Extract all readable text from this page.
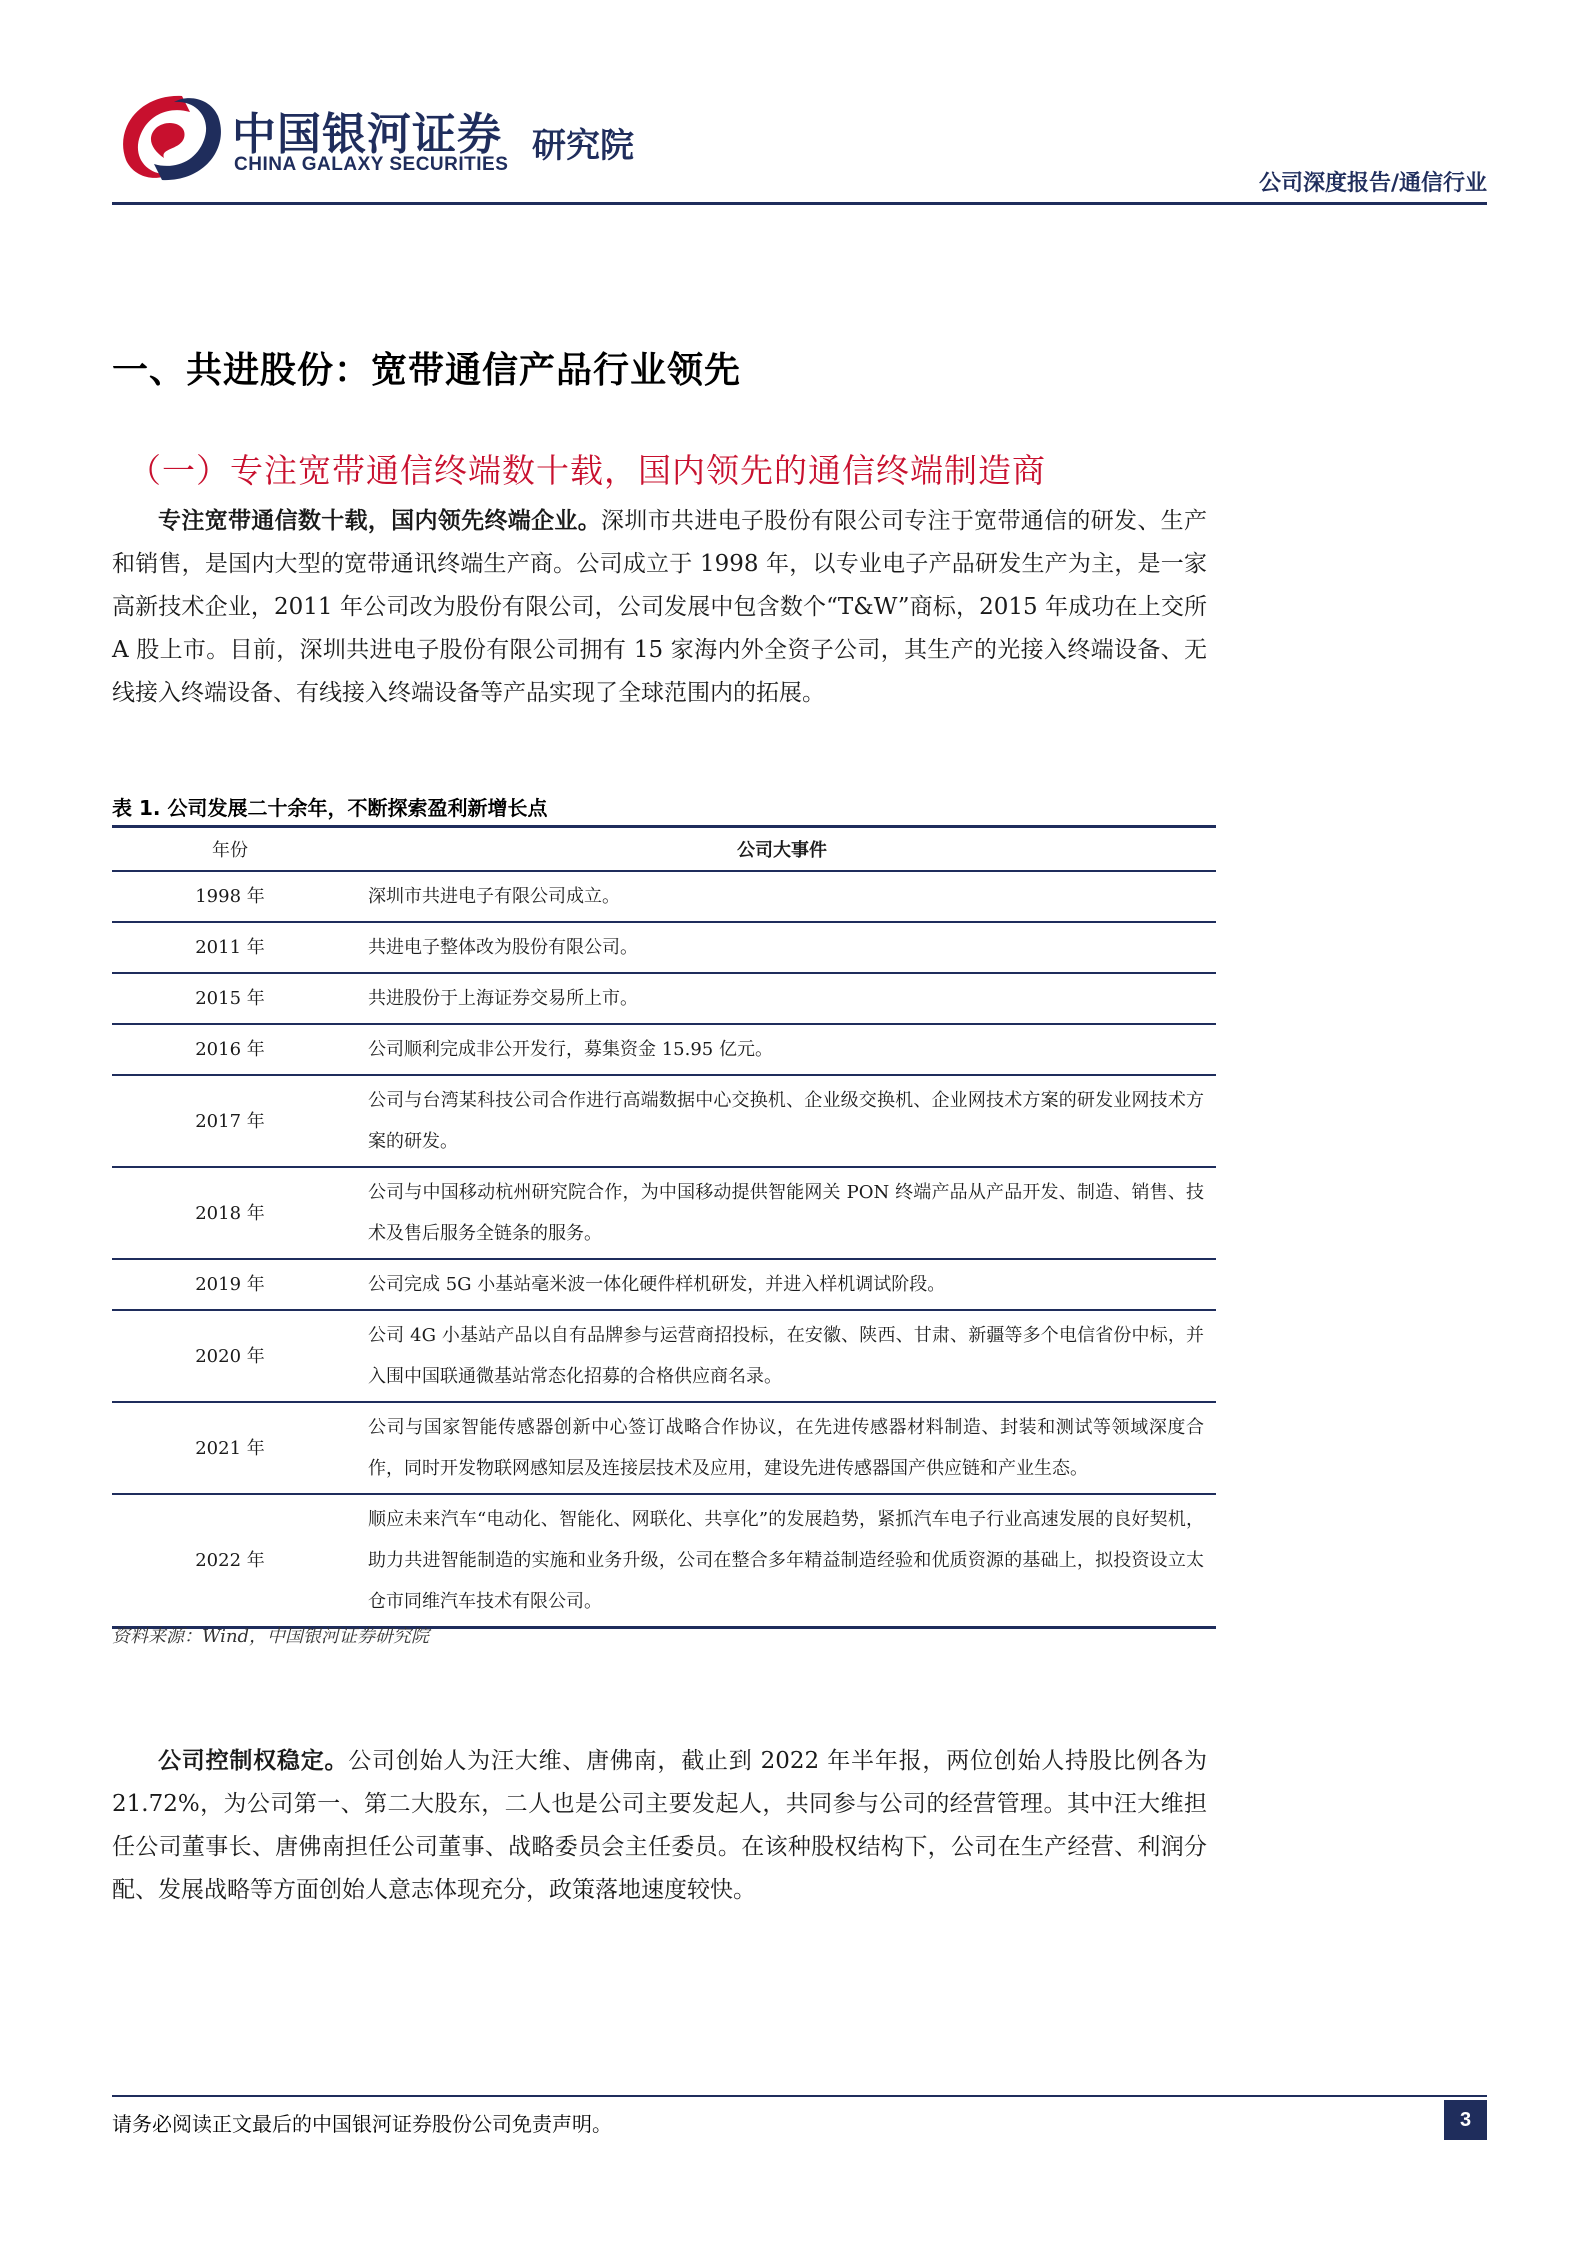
中国银河证券
CHINA GALAXY SECURITIES 研究院
公司深度报告/通信行业
一、共进股份：宽带通信产品行业领先
（一）专注宽带通信终端数十载，国内领先的通信终端制造商
专注宽带通信数十载，国内领先终端企业。深圳市共进电子股份有限公司专注于宽带通信的研发、生产和销售，是国内大型的宽带通讯终端生产商。公司成立于 1998 年，以专业电子产品研发生产为主，是一家高新技术企业，2011 年公司改为股份有限公司，公司发展中包含数个“T&W”商标，2015 年成功在上交所 A 股上市。目前，深圳共进电子股份有限公司拥有 15 家海内外全资子公司，其生产的光接入终端设备、无线接入终端设备、有线接入终端设备等产品实现了全球范围内的拓展。
表 1. 公司发展二十余年，不断探索盈利新增长点
年份	公司大事件
1998 年	深圳市共进电子有限公司成立。
2011 年	共进电子整体改为股份有限公司。
2015 年	共进股份于上海证券交易所上市。
2016 年	公司顺利完成非公开发行，募集资金 15.95 亿元。
2017 年	公司与台湾某科技公司合作进行高端数据中心交换机、企业级交换机、企业网技术方案的研发业网技术方案的研发。
2018 年	公司与中国移动杭州研究院合作，为中国移动提供智能网关 PON 终端产品从产品开发、制造、销售、技术及售后服务全链条的服务。
2019 年	公司完成 5G 小基站毫米波一体化硬件样机研发，并进入样机调试阶段。
2020 年	公司 4G 小基站产品以自有品牌参与运营商招投标，在安徽、陕西、甘肃、新疆等多个电信省份中标，并入围中国联通微基站常态化招募的合格供应商名录。
2021 年	公司与国家智能传感器创新中心签订战略合作协议，在先进传感器材料制造、封装和测试等领域深度合作，同时开发物联网感知层及连接层技术及应用，建设先进传感器国产供应链和产业生态。
2022 年	顺应未来汽车“电动化、智能化、网联化、共享化”的发展趋势，紧抓汽车电子行业高速发展的良好契机，助力共进智能制造的实施和业务升级，公司在整合多年精益制造经验和优质资源的基础上，拟投资设立太仓市同维汽车技术有限公司。
资料来源：Wind，中国银河证券研究院
公司控制权稳定。公司创始人为汪大维、唐佛南，截止到 2022 年半年报，两位创始人持股比例各为 21.72%，为公司第一、第二大股东，二人也是公司主要发起人，共同参与公司的经营管理。其中汪大维担任公司董事长、唐佛南担任公司董事、战略委员会主任委员。在该种股权结构下，公司在生产经营、利润分配、发展战略等方面创始人意志体现充分，政策落地速度较快。
请务必阅读正文最后的中国银河证券股份公司免责声明。	3
